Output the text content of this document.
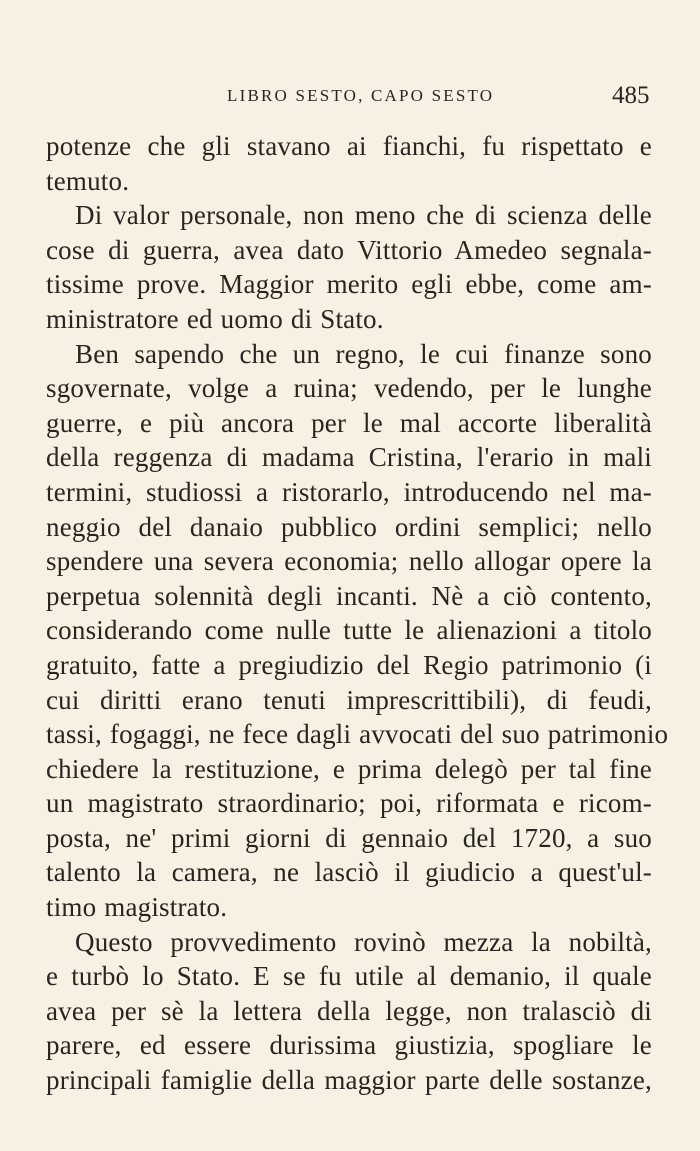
LIBRO SESTO, CAPO SESTO	485
potenze che gli stavano ai fianchi, fu rispettato e
temuto.
Di valor personale, non meno che di scienza delle
cose di guerra, avea dato Vittorio Amedeo segnala-
tissime prove. Maggior merito egli ebbe, come am-
ministratore ed uomo di Stato.
Ben sapendo che un regno, le cui finanze sono
sgovernate, volge a ruina; vedendo, per le lunghe
guerre, e più ancora per le mal accorte liberalità
della reggenza di madama Cristina, l'erario in mali
termini, studiossi a ristorarlo, introducendo nel ma-
neggio del danaio pubblico ordini semplici; nello
spendere una severa economia; nello allogar opere la
perpetua solennità degli incanti. Nè a ciò contento,
considerando come nulle tutte le alienazioni a titolo
gratuito, fatte a pregiudizio del Regio patrimonio (i
cui diritti erano tenuti imprescrittibili), di feudi,
tassi, fogaggi, ne fece dagli avvocati del suo patrimonio
chiedere la restituzione, e prima delegò per tal fine
un magistrato straordinario; poi, riformata e ricom-
posta, ne' primi giorni di gennaio del 1720, a suo
talento la camera, ne lasciò il giudicio a quest'ul-
timo magistrato.
Questo provvedimento rovinò mezza la nobiltà,
e turbò lo Stato. E se fu utile al demanio, il quale
avea per sè la lettera della legge, non tralasciò di
parere, ed essere durissima giustizia, spogliare le
principali famiglie della maggior parte delle sostanze,
